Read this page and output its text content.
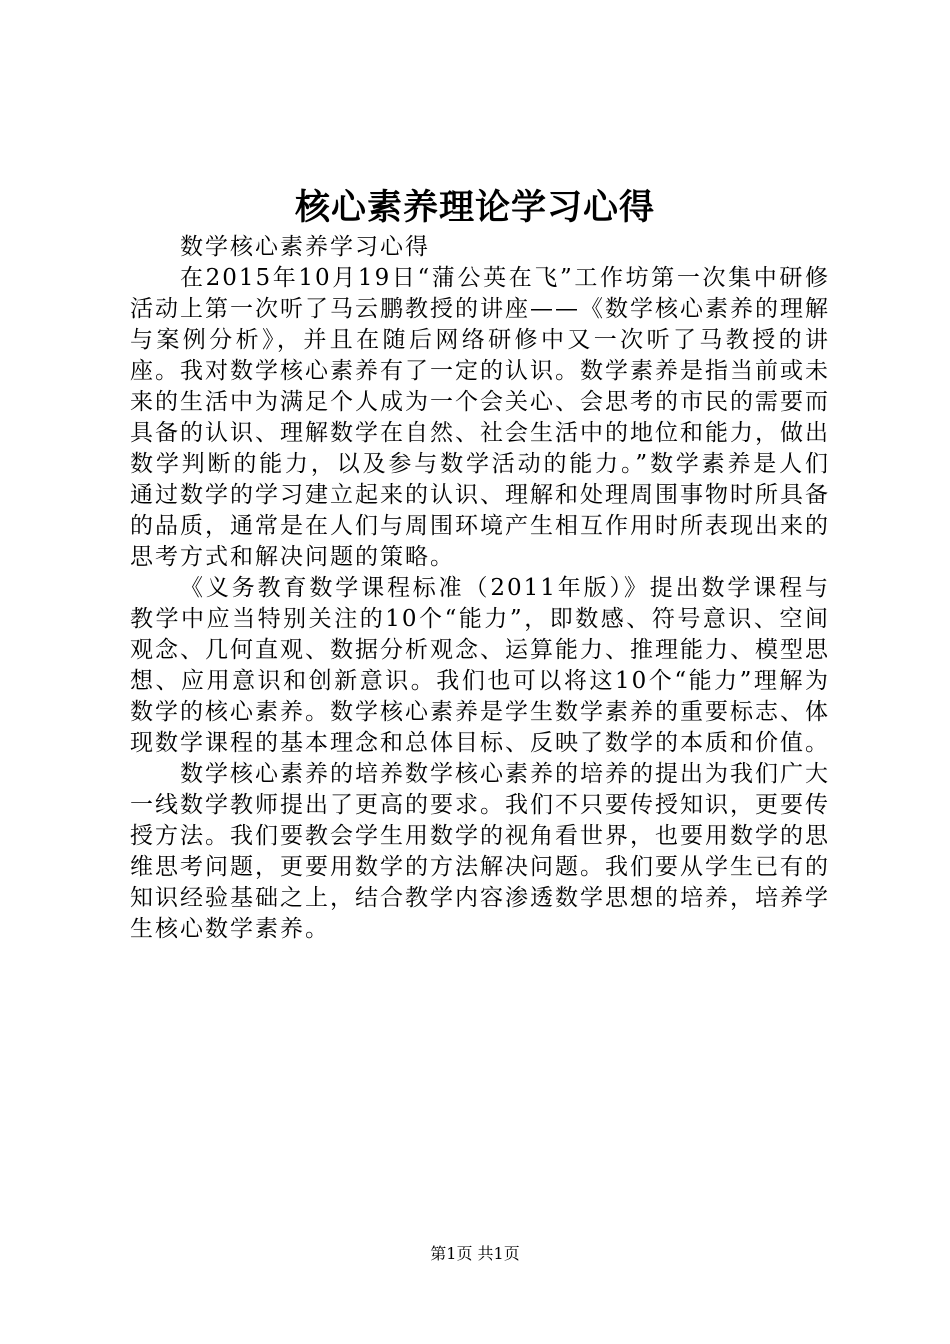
核心素养理论学习心得

数学核心素养学习心得

在2015年10月19日“蒲公英在飞”工作坊第一次集中研修活动上第一次听了马云鹏教授的讲座——《数学核心素养的理解与案例分析》，并且在随后网络研修中又一次听了马教授的讲座。我对数学核心素养有了一定的认识。数学素养是指当前或未来的生活中为满足个人成为一个会关心、会思考的市民的需要而具备的认识、理解数学在自然、社会生活中的地位和能力，做出数学判断的能力，以及参与数学活动的能力。”数学素养是人们通过数学的学习建立起来的认识、理解和处理周围事物时所具备的品质，通常是在人们与周围环境产生相互作用时所表现出来的思考方式和解决问题的策略。

《义务教育数学课程标准（2011年版）》提出数学课程与教学中应当特别关注的10个“能力”，即数感、符号意识、空间观念、几何直观、数据分析观念、运算能力、推理能力、模型思想、应用意识和创新意识。我们也可以将这10个“能力”理解为数学的核心素养。数学核心素养是学生数学素养的重要标志、体现数学课程的基本理念和总体目标、反映了数学的本质和价值。

数学核心素养的培养数学核心素养的培养的提出为我们广大一线数学教师提出了更高的要求。我们不只要传授知识，更要传授方法。我们要教会学生用数学的视角看世界，也要用数学的思维思考问题，更要用数学的方法解决问题。我们要从学生已有的知识经验基础之上，结合教学内容渗透数学思想的培养，培养学生核心数学素养。

第1页 共1页
